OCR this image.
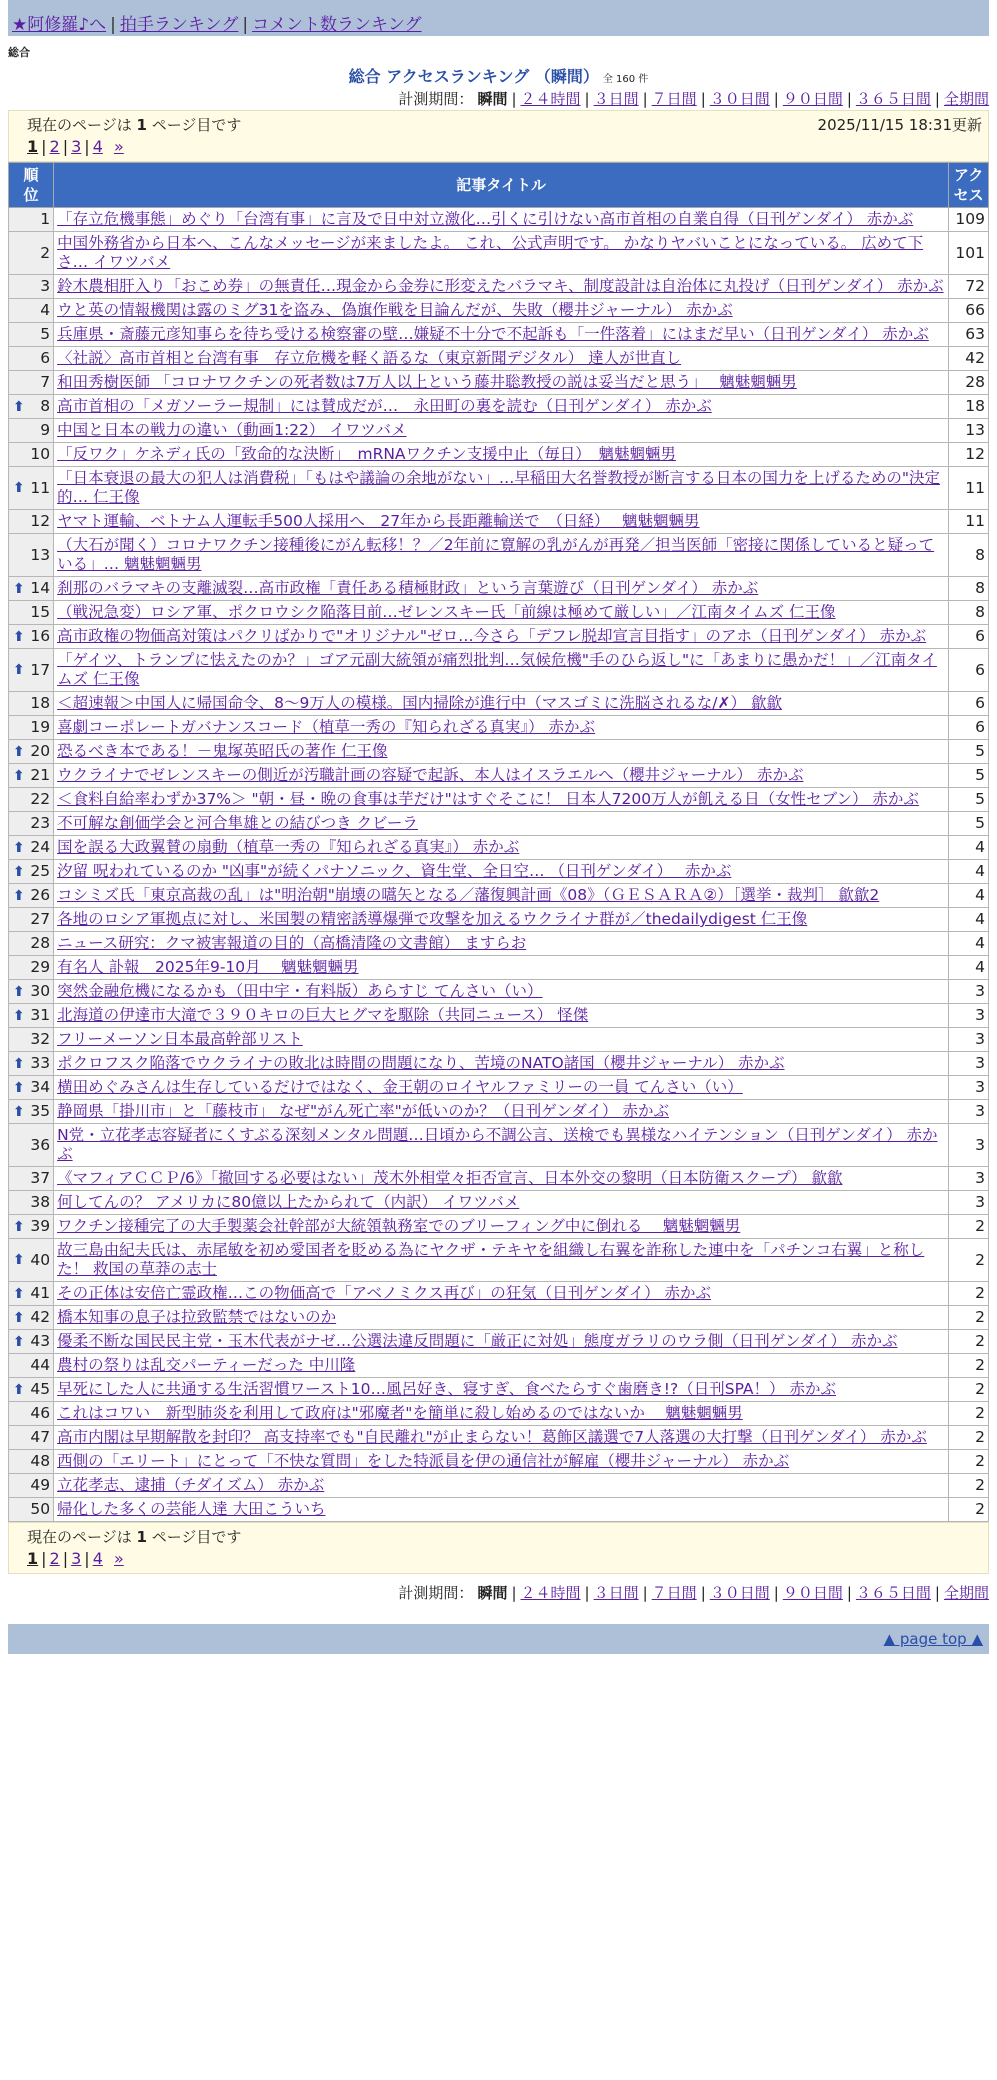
★阿修羅♪へ | 拍手ランキング | コメント数ランキング
総合
総合 アクセスランキング （瞬間） 全 160 件
計測期間： 瞬間 | ２４時間 | ３日間 | ７日間 | ３０日間 | ９０日間 | ３６５日間 | 全期間
現在のページは 1 ページ目です	2025/11/15 18:31更新
1 | 2 | 3 | 4 »
順位	記事タイトル	アクセス
1	「存立危機事態」めぐり「台湾有事」に言及で日中対立激化…引くに引けない高市首相の自業自得（日刊ゲンダイ） 赤かぶ	109
2	中国外務省から日本へ、こんなメッセージが来ましたよ。 これ、公式声明です。 かなりヤバいことになっている。 広めて下さ… イワツバメ	101
3	鈴木農相肝入り「おこめ券」の無責任…現金から金券に形変えたバラマキ、制度設計は自治体に丸投げ（日刊ゲンダイ） 赤かぶ	72
4	ウと英の情報機関は露のミグ31を盗み、偽旗作戦を目論んだが、失敗（櫻井ジャーナル） 赤かぶ	66
5	兵庫県・斎藤元彦知事らを待ち受ける検察審の壁…嫌疑不十分で不起訴も「一件落着」にはまだ早い（日刊ゲンダイ） 赤かぶ	63
6	〈社説〉高市首相と台湾有事　存立危機を軽く語るな（東京新聞デジタル） 達人が世直し	42
7	和田秀樹医師 「コロナワクチンの死者数は7万人以上という藤井聡教授の説は妥当だと思う」　 魑魅魍魎男	28

⬆ 8	高市首相の「メガソーラー規制」には賛成だが…　永田町の裏を読む（日刊ゲンダイ） 赤かぶ	18
9	中国と日本の戦力の違い（動画1:22） イワツバメ	13
10	「反ワク」ケネディ氏の「致命的な決断」　mRNAワクチン支援中止（毎日）　魑魅魍魎男	12

⬆ 11	「日本衰退の最大の犯人は消費税」「もはや議論の余地がない」…早稲田大名誉教授が断言する日本の国力を上げるための"決定的… 仁王像	11
12	ヤマト運輸、ベトナム人運転手500人採用へ　27年から長距離輸送で　（日経）　 魑魅魍魎男	11
13	（大石が聞く）コロナワクチン接種後にがん転移！？／2年前に寛解の乳がんが再発／担当医師「密接に関係していると疑っている」… 魑魅魍魎男	8

⬆ 14	刹那のバラマキの支離滅裂…高市政権「責任ある積極財政」という言葉遊び（日刊ゲンダイ） 赤かぶ	8
15	（戦況急変）ロシア軍、ポクロウシク陥落目前…ゼレンスキー氏「前線は極めて厳しい」／江南タイムズ 仁王像	8

⬆ 16	高市政権の物価高対策はパクリばかりで"オリジナル"ゼロ…今さら「デフレ脱却宣言目指す」のアホ（日刊ゲンダイ） 赤かぶ	6

⬆ 17	「ゲイツ、トランプに怯えたのか？」ゴア元副大統領が痛烈批判…気候危機"手のひら返し"に「あまりに愚かだ！」／江南タイムズ 仁王像	6
18	＜超速報＞中国人に帰国命令、8～9万人の模様。国内掃除が進行中（マスゴミに洗脳されるな/✗） 歙歙	6
19	喜劇コーポレートガバナンスコード（植草一秀の『知られざる真実』） 赤かぶ	6

⬆ 20	恐るべき本である！－鬼塚英昭氏の著作 仁王像	5

⬆ 21	ウクライナでゼレンスキーの側近が汚職計画の容疑で起訴、本人はイスラエルへ（櫻井ジャーナル） 赤かぶ	5
22	＜食料自給率わずか37%＞ "朝・昼・晩の食事は芋だけ"はすぐそこに！ 日本人7200万人が飢える日（女性セブン） 赤かぶ	5
23	不可解な創価学会と河合隼雄との結びつき クビーラ	5

⬆ 24	国を誤る大政翼賛の扇動（植草一秀の『知られざる真実』） 赤かぶ	4

⬆ 25	汐留 呪われているのか "凶事"が続くパナソニック、資生堂、全日空… （日刊ゲンダイ）　 赤かぶ	4

⬆ 26	コシミズ氏「東京高裁の乱」は"明治朝"崩壊の嚆矢となる／藩復興計画《08》（ＧＥＳＡＲＡ②）［選挙・裁判］ 歙歙2	4
27	各地のロシア軍拠点に対し、米国製の精密誘導爆弾で攻撃を加えるウクライナ群が／thedailydigest 仁王像	4
28	ニュース研究：クマ被害報道の目的（高橋清隆の文書館） ますらお	4
29	有名人 訃報　2025年9-10月　 魑魅魍魎男	4

⬆ 30	突然金融危機になるかも（田中宇・有料版）あらすじ てんさい（い）	3

⬆ 31	北海道の伊達市大滝で３９０キロの巨大ヒグマを駆除（共同ニュース） 怪傑	3
32	フリーメーソン日本最高幹部リスト	3

⬆ 33	ポクロフスク陥落でウクライナの敗北は時間の問題になり、苦境のNATO諸国（櫻井ジャーナル） 赤かぶ	3

⬆ 34	横田めぐみさんは生存しているだけではなく、金王朝のロイヤルファミリーの一員 てんさい（い）	3

⬆ 35	静岡県「掛川市」と「藤枝市」 なぜ"がん死亡率"が低いのか？（日刊ゲンダイ） 赤かぶ	3
36	N党・立花孝志容疑者にくすぶる深刻メンタル問題…日頃から不調公言、送検でも異様なハイテンション（日刊ゲンダイ） 赤かぶ	3
37	《マフィアＣＣＰ/6》「撤回する必要はない」茂木外相堂々拒否宣言、日本外交の黎明（日本防衛スクープ） 歙歙	3
38	何してんの？ アメリカに80億以上たかられて（内訳） イワツバメ	3

⬆ 39	ワクチン接種完了の大手製薬会社幹部が大統領執務室でのブリーフィング中に倒れる　 魑魅魍魎男	2

⬆ 40	故三島由紀夫氏は、赤尾敏を初め愛国者を貶める為にヤクザ・テキヤを組織し右翼を詐称した連中を「パチンコ右翼」と称した！ 救国の草莽の志士	2

⬆ 41	その正体は安倍亡霊政権…この物価高で「アベノミクス再び」の狂気（日刊ゲンダイ） 赤かぶ	2

⬆ 42	橋本知事の息子は拉致監禁ではないのか	2

⬆ 43	優柔不断な国民民主党・玉木代表がナゼ…公選法違反問題に「厳正に対処」態度ガラリのウラ側（日刊ゲンダイ） 赤かぶ	2
44	農村の祭りは乱交パーティーだった 中川隆	2

⬆ 45	早死にした人に共通する生活習慣ワースト10…風呂好き、寝すぎ、食べたらすぐ歯磨き!?（日刊SPA！） 赤かぶ	2
46	これはコワい　新型肺炎を利用して政府は"邪魔者"を簡単に殺し始めるのではないか　 魑魅魍魎男	2
47	高市内閣は早期解散を封印？ 高支持率でも"自民離れ"が止まらない！葛飾区議選で7人落選の大打撃（日刊ゲンダイ） 赤かぶ	2
48	西側の「エリート」にとって「不快な質問」をした特派員を伊の通信社が解雇（櫻井ジャーナル） 赤かぶ	2
49	立花孝志、逮捕（チダイズム） 赤かぶ	2
50	帰化した多くの芸能人達 大田こういち	2
現在のページは 1 ページ目です
1 | 2 | 3 | 4 »
計測期間： 瞬間 | ２４時間 | ３日間 | ７日間 | ３０日間 | ９０日間 | ３６５日間 | 全期間
▲ page top ▲
